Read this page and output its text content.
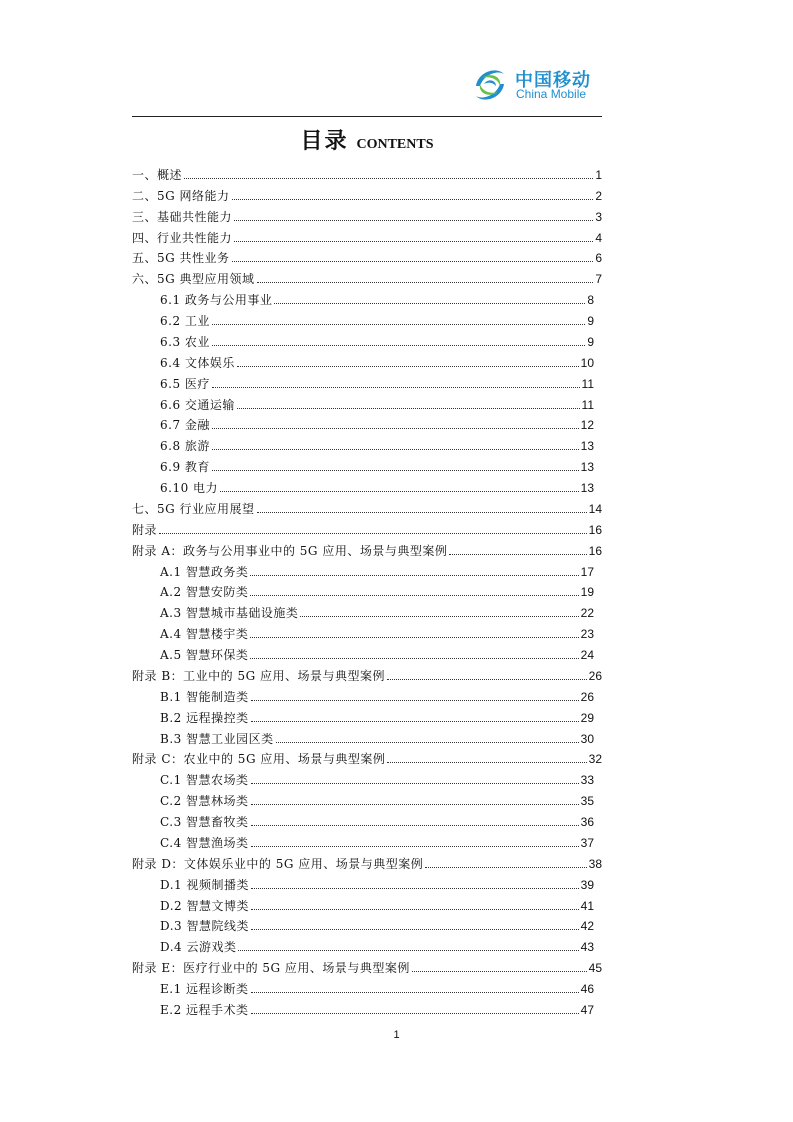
中国移动
China Mobile
目录 CONTENTS
一、概述	1
二、5G 网络能力	2
三、基础共性能力	3
四、行业共性能力	4
五、5G 共性业务	6
六、5G 典型应用领域	7
6.1 政务与公用事业	8
6.2 工业	9
6.3 农业	9
6.4 文体娱乐	10
6.5 医疗	11
6.6 交通运输	11
6.7 金融	12
6.8 旅游	13
6.9 教育	13
6.10 电力	13
七、5G 行业应用展望	14
附录	16
附录 A：政务与公用事业中的 5G 应用、场景与典型案例	16
A.1 智慧政务类	17
A.2 智慧安防类	19
A.3 智慧城市基础设施类	22
A.4 智慧楼宇类	23
A.5 智慧环保类	24
附录 B：工业中的 5G 应用、场景与典型案例	26
B.1 智能制造类	26
B.2 远程操控类	29
B.3 智慧工业园区类	30
附录 C：农业中的 5G 应用、场景与典型案例	32
C.1 智慧农场类	33
C.2 智慧林场类	35
C.3 智慧畜牧类	36
C.4 智慧渔场类	37
附录 D：文体娱乐业中的 5G 应用、场景与典型案例	38
D.1 视频制播类	39
D.2 智慧文博类	41
D.3 智慧院线类	42
D.4 云游戏类	43
附录 E：医疗行业中的 5G 应用、场景与典型案例	45
E.1 远程诊断类	46
E.2 远程手术类	47
1
